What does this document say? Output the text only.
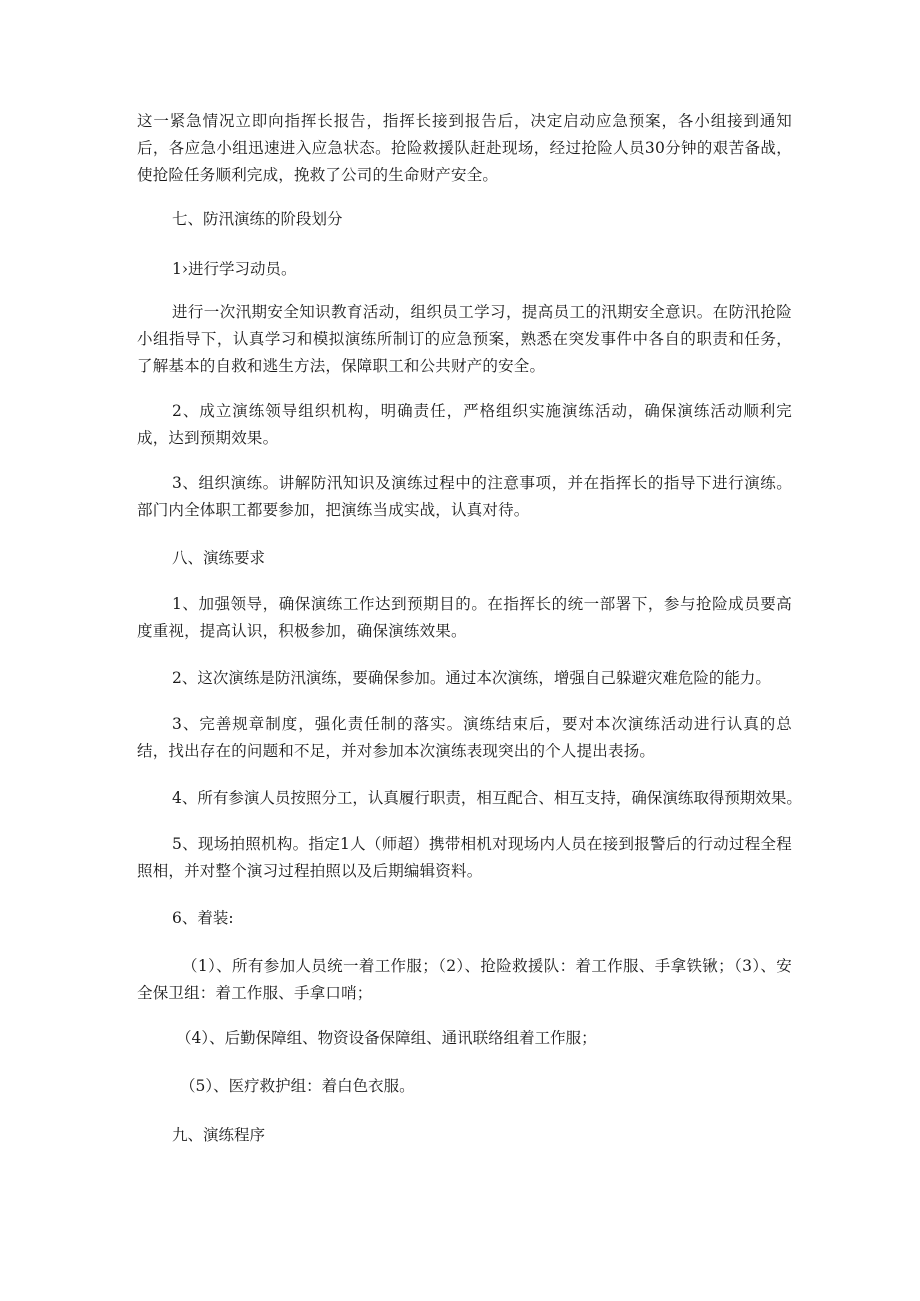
这一紧急情况立即向指挥长报告，指挥长接到报告后，决定启动应急预案，各小组接到通知后，各应急小组迅速进入应急状态。抢险救援队赶赴现场，经过抢险人员30分钟的艰苦备战，使抢险任务顺利完成，挽救了公司的生命财产安全。

七、防汛演练的阶段划分

1›进行学习动员。

进行一次汛期安全知识教育活动，组织员工学习，提高员工的汛期安全意识。在防汛抢险小组指导下，认真学习和模拟演练所制订的应急预案，熟悉在突发事件中各自的职责和任务，了解基本的自救和逃生方法，保障职工和公共财产的安全。

2、成立演练领导组织机构，明确责任，严格组织实施演练活动，确保演练活动顺利完成，达到预期效果。

3、组织演练。讲解防汛知识及演练过程中的注意事项，并在指挥长的指导下进行演练。部门内全体职工都要参加，把演练当成实战，认真对待。

八、演练要求

1、加强领导，确保演练工作达到预期目的。在指挥长的统一部署下，参与抢险成员要高度重视，提高认识，积极参加，确保演练效果。

2、这次演练是防汛演练，要确保参加。通过本次演练，增强自己躲避灾难危险的能力。

3、完善规章制度，强化责任制的落实。演练结束后，要对本次演练活动进行认真的总结，找出存在的问题和不足，并对参加本次演练表现突出的个人提出表扬。

4、所有参演人员按照分工，认真履行职责，相互配合、相互支持，确保演练取得预期效果。

5、现场拍照机构。指定1人（师超）携带相机对现场内人员在接到报警后的行动过程全程照相，并对整个演习过程拍照以及后期编辑资料。

6、着装:

（1）、所有参加人员统一着工作服；（2）、抢险救援队：着工作服、手拿铁锹；（3）、安全保卫组：着工作服、手拿口哨；

（4）、后勤保障组、物资设备保障组、通讯联络组着工作服；

（5）、医疗救护组：着白色衣服。

九、演练程序
